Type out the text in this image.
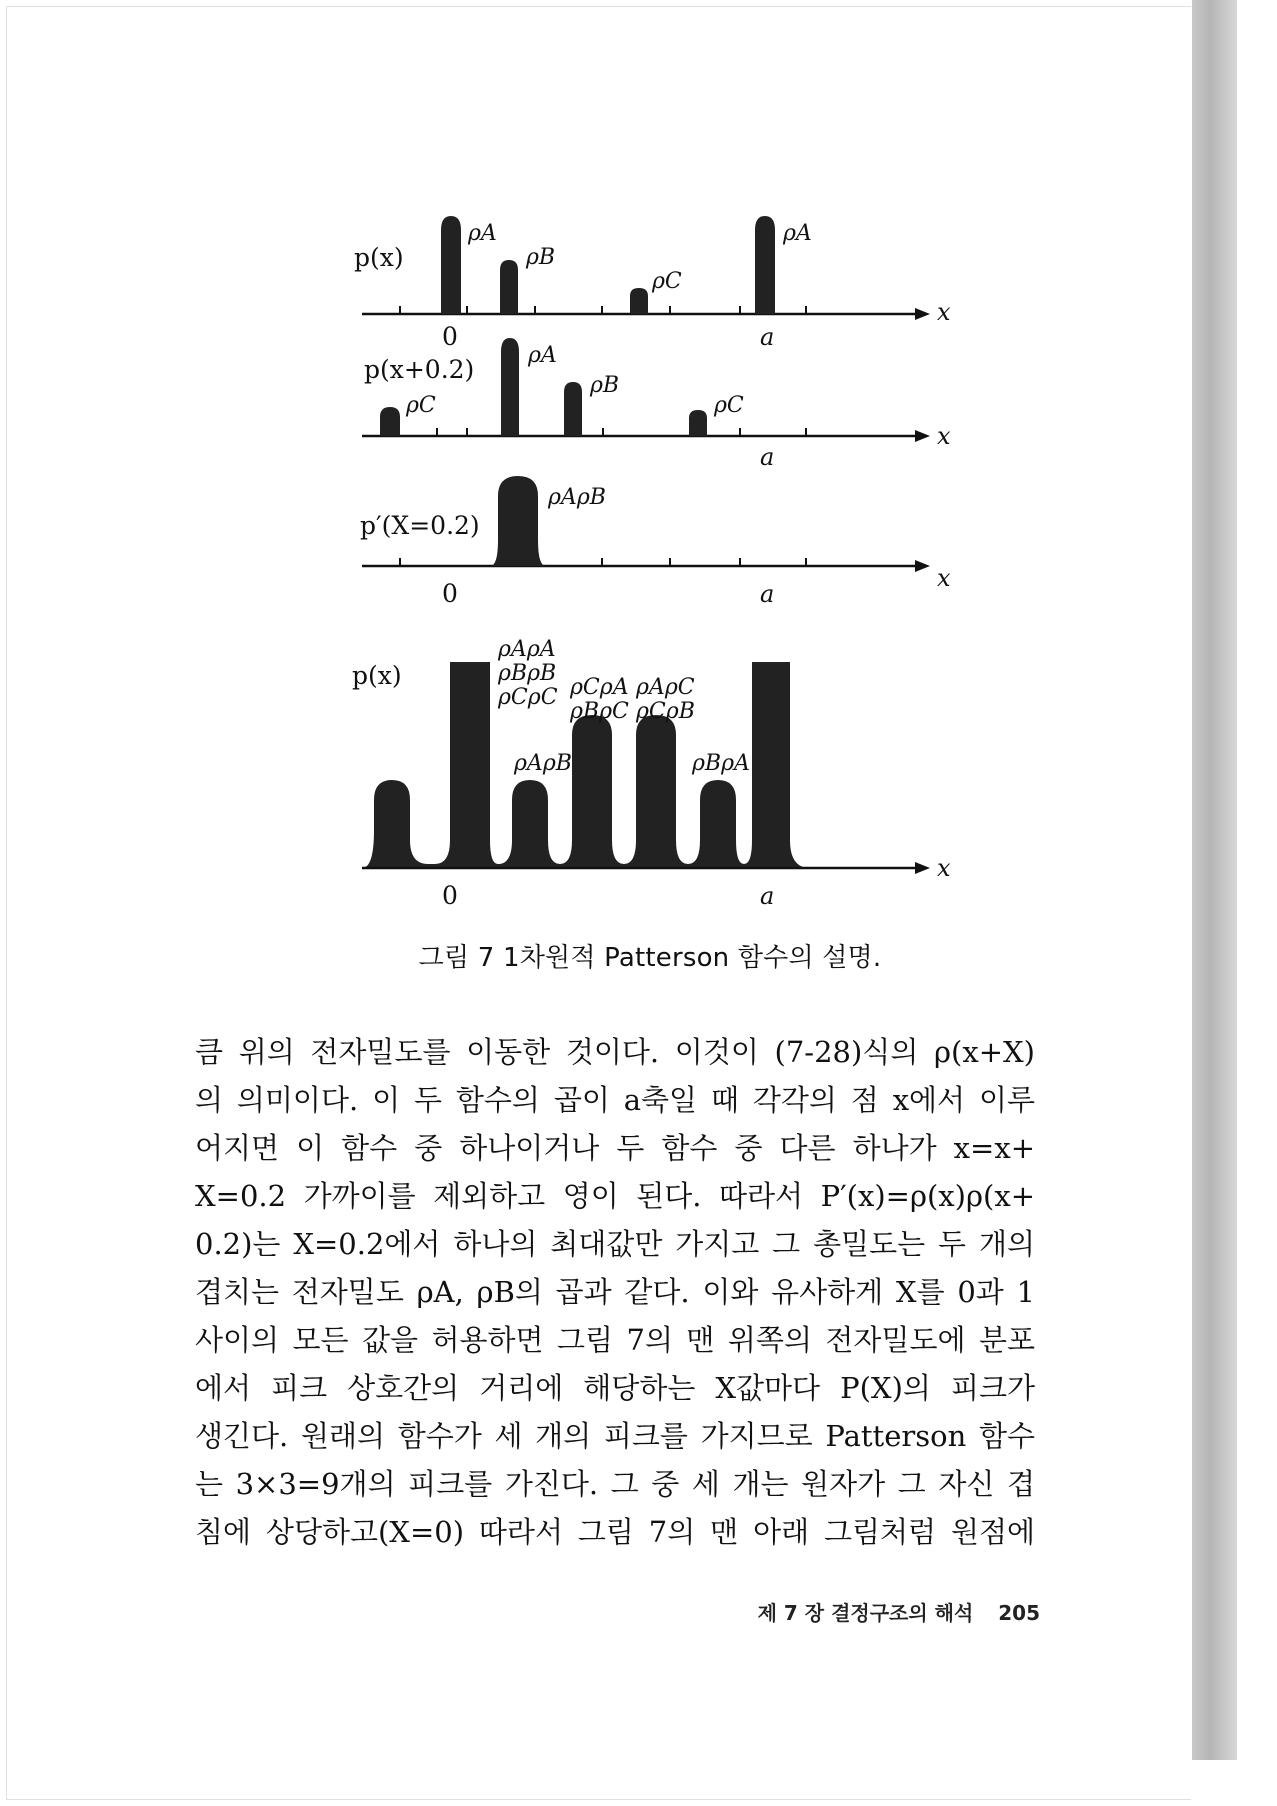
p(x)
0	a
x
ρA
ρB
ρC
ρA
p(x+0.2)
a
x
ρC
ρA
ρB
ρC
p′(X=0.2)
0	a
x
ρAρB
p(x)
0	a
x
ρAρA
ρBρB
ρCρC
ρAρB
ρCρA
ρBρC
ρAρC
ρCρB
ρBρA
그림 7 1차원적 Patterson 함수의 설명.
큼 위의 전자밀도를 이동한 것이다. 이것이 (7-28)식의 ρ(x+X)
의 의미이다. 이 두 함수의 곱이 a축일 때 각각의 점 x에서 이루
어지면 이 함수 중 하나이거나 두 함수 중 다른 하나가 x=x+
X=0.2 가까이를 제외하고 영이 된다. 따라서 P′(x)=ρ(x)ρ(x+
0.2)는 X=0.2에서 하나의 최대값만 가지고 그 총밀도는 두 개의
겹치는 전자밀도 ρA, ρB의 곱과 같다. 이와 유사하게 X를 0과 1
사이의 모든 값을 허용하면 그림 7의 맨 위쪽의 전자밀도에 분포
에서 피크 상호간의 거리에 해당하는 X값마다 P(X)의 피크가
생긴다. 원래의 함수가 세 개의 피크를 가지므로 Patterson 함수
는 3×3=9개의 피크를 가진다. 그 중 세 개는 원자가 그 자신 겹
침에 상당하고(X=0) 따라서 그림 7의 맨 아래 그림처럼 원점에
제 7 장 결정구조의 해석 205
